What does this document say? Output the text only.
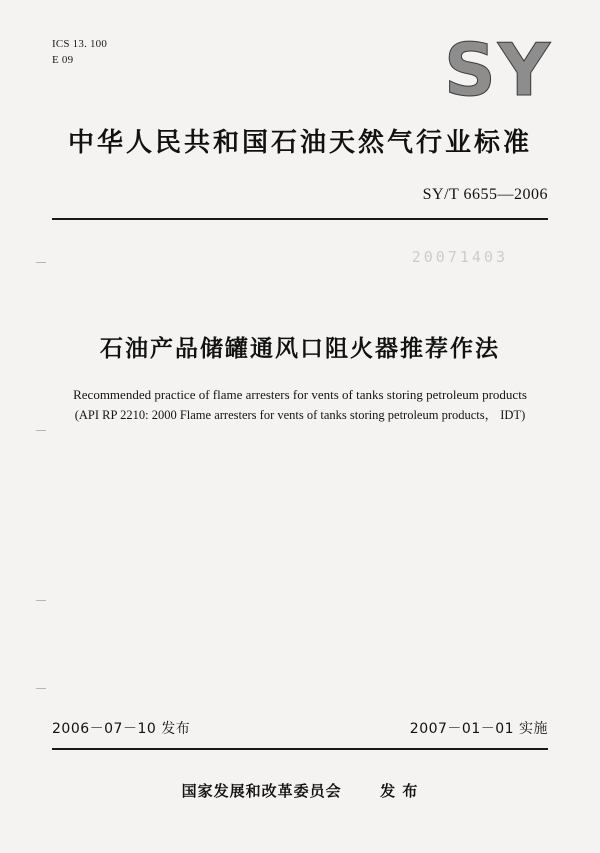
ICS 13. 100
E 09	SY
中华人民共和国石油天然气行业标准
SY/T 6655—2006
20071403
石油产品储罐通风口阻火器推荐作法
Recommended practice of flame arresters for vents of tanks storing petroleum products
(API RP 2210: 2000 Flame arresters for vents of tanks storing petroleum products， IDT)
2006－07－10 发布	2007－01－01 实施
国家发展和改革委员会	发 布
